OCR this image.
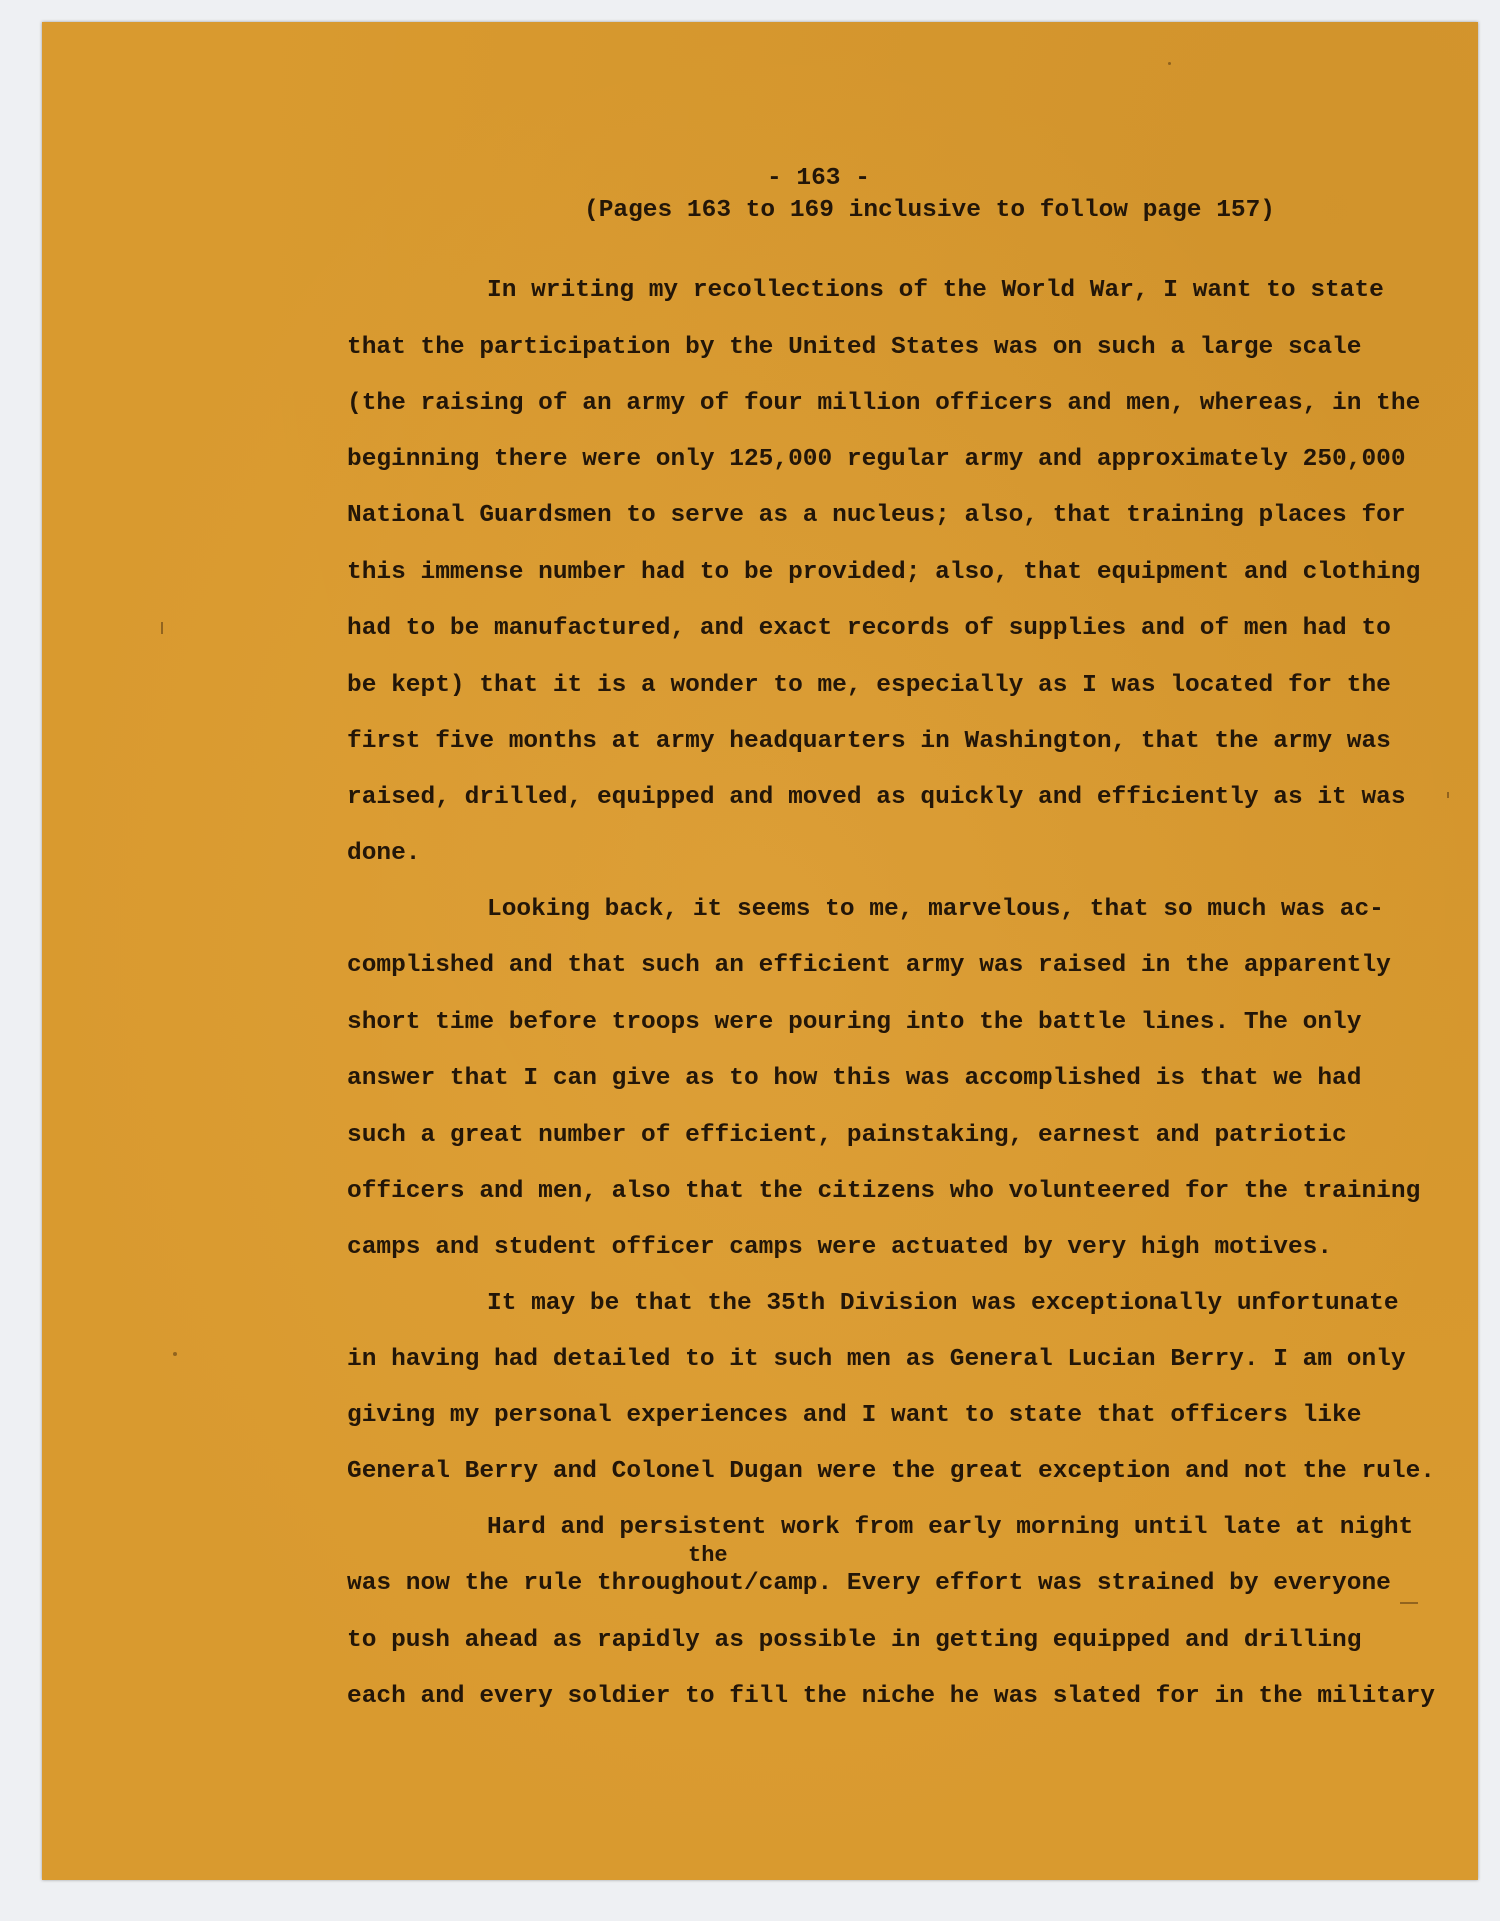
- 163 -
(Pages 163 to 169 inclusive to follow page 157)
In writing my recollections of the World War, I want to state
that the participation by the United States was on such a large scale
(the raising of an army of four million officers and men, whereas, in the
beginning there were only 125,000 regular army and approximately 250,000
National Guardsmen to serve as a nucleus; also, that training places for
this immense number had to be provided; also, that equipment and clothing
had to be manufactured, and exact records of supplies and of men had to
be kept) that it is a wonder to me, especially as I was located for the
first five months at army headquarters in Washington, that the army was
raised, drilled, equipped and moved as quickly and efficiently as it was
done.
Looking back, it seems to me, marvelous, that so much was ac-
complished and that such an efficient army was raised in the apparently
short time before troops were pouring into the battle lines. The only
answer that I can give as to how this was accomplished is that we had
such a great number of efficient, painstaking, earnest and patriotic
officers and men, also that the citizens who volunteered for the training
camps and student officer camps were actuated by very high motives.
It may be that the 35th Division was exceptionally unfortunate
in having had detailed to it such men as General Lucian Berry. I am only
giving my personal experiences and I want to state that officers like
General Berry and Colonel Dugan were the great exception and not the rule.
Hard and persistent work from early morning until late at night
the
was now the rule throughout/camp. Every effort was strained by everyone
to push ahead as rapidly as possible in getting equipped and drilling
each and every soldier to fill the niche he was slated for in the military
